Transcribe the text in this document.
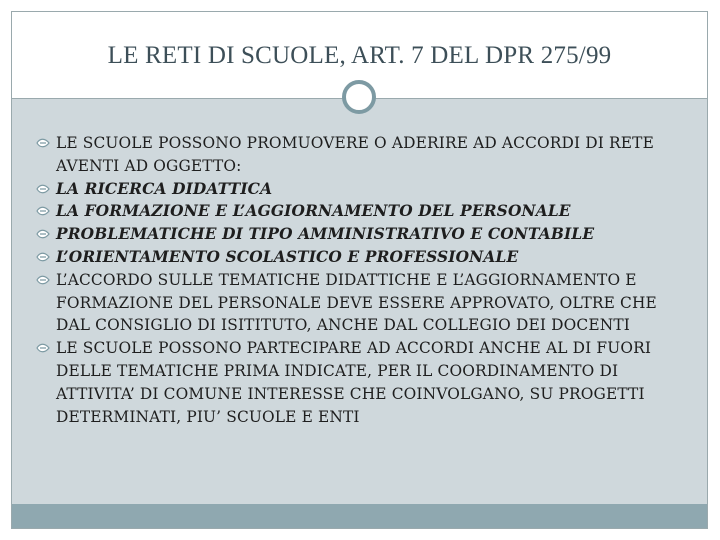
LE RETI DI SCUOLE, ART. 7 DEL DPR 275/99
LE SCUOLE POSSONO PROMUOVERE O ADERIRE AD ACCORDI DI RETE AVENTI AD OGGETTO:
LA RICERCA DIDATTICA
LA FORMAZIONE E L’AGGIORNAMENTO DEL PERSONALE
PROBLEMATICHE DI TIPO AMMINISTRATIVO E CONTABILE
L’ORIENTAMENTO SCOLASTICO E PROFESSIONALE
L’ACCORDO SULLE TEMATICHE DIDATTICHE E L’AGGIORNAMENTO E FORMAZIONE DEL PERSONALE DEVE ESSERE APPROVATO, OLTRE CHE DAL CONSIGLIO DI ISITITUTO, ANCHE DAL COLLEGIO DEI DOCENTI
LE SCUOLE POSSONO PARTECIPARE AD ACCORDI ANCHE AL DI FUORI DELLE TEMATICHE PRIMA INDICATE, PER IL COORDINAMENTO DI ATTIVITA’ DI COMUNE INTERESSE CHE COINVOLGANO, SU PROGETTI DETERMINATI, PIU’ SCUOLE E ENTI
